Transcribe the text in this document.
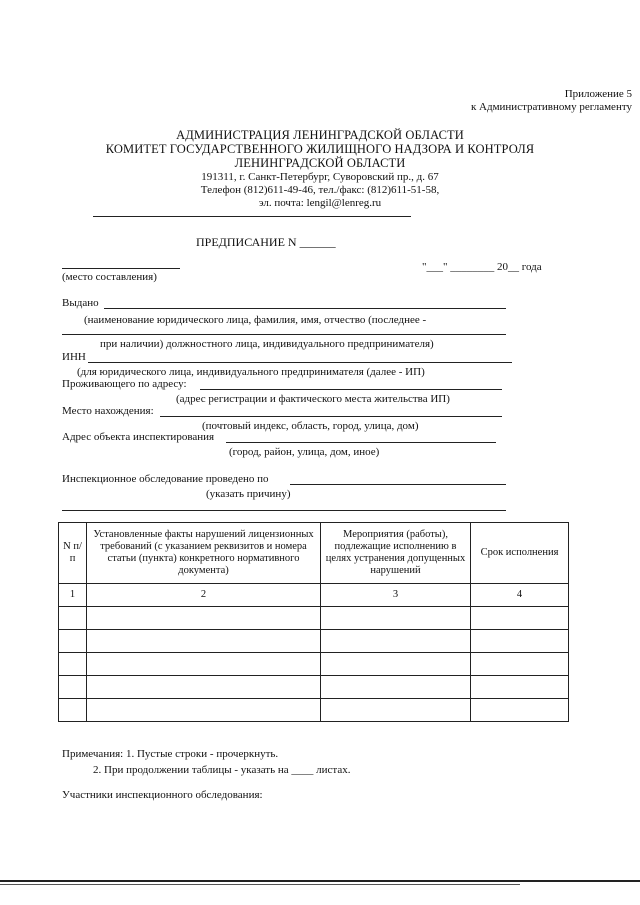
Приложение 5
к Административному регламенту
АДМИНИСТРАЦИЯ ЛЕНИНГРАДСКОЙ ОБЛАСТИ
КОМИТЕТ ГОСУДАРСТВЕННОГО ЖИЛИЩНОГО НАДЗОРА И КОНТРОЛЯ
ЛЕНИНГРАДСКОЙ ОБЛАСТИ
191311, г. Санкт-Петербург, Суворовский пр., д. 67
Телефон (812)611-49-46, тел./факс: (812)611-51-58,
эл. почта: lengil@lenreg.ru
ПРЕДПИСАНИЕ N ______
(место составления)
"___" ________ 20__ года
Выдано
(наименование юридического лица, фамилия, имя, отчество (последнее -
при наличии) должностного лица, индивидуального предпринимателя)
ИНН
(для юридического лица, индивидуального предпринимателя (далее - ИП)
Проживающего по адресу:
(адрес регистрации и фактического места жительства ИП)
Место нахождения:
(почтовый индекс, область, город, улица, дом)
Адрес объекта инспектирования
(город, район, улица, дом, иное)
Инспекционное обследование проведено по
(указать причину)
N п/п	Установленные факты нарушений лицензионных требований (с указанием реквизитов и номера статьи (пункта) конкретного нормативного документа)	Мероприятия (работы), подлежащие исполнению в целях устранения допущенных нарушений	Срок исполнения
1	2	3	4

Примечания: 1. Пустые строки - прочеркнуть.
2. При продолжении таблицы - указать на ____ листах.
Участники инспекционного обследования:
